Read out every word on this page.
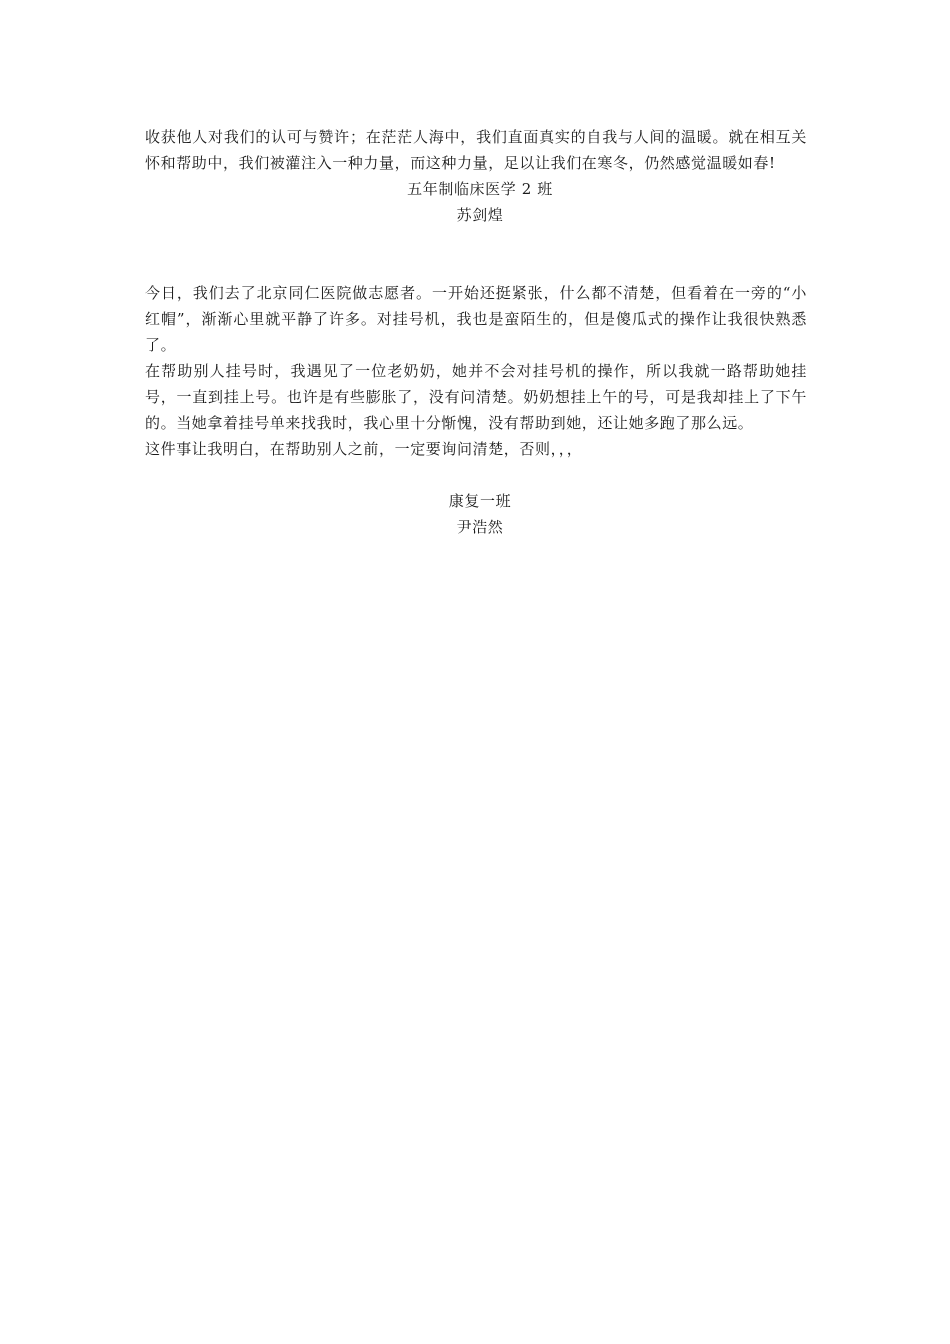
收获他人对我们的认可与赞许；在茫茫人海中，我们直面真实的自我与人间的温暖。就在相互关怀和帮助中，我们被灌注入一种力量，而这种力量，足以让我们在寒冬，仍然感觉温暖如春!

五年制临床医学 2 班

苏剑煌

今日，我们去了北京同仁医院做志愿者。一开始还挺紧张，什么都不清楚，但看着在一旁的“小红帽”，渐渐心里就平静了许多。对挂号机，我也是蛮陌生的，但是傻瓜式的操作让我很快熟悉了。

在帮助别人挂号时，我遇见了一位老奶奶，她并不会对挂号机的操作，所以我就一路帮助她挂号，一直到挂上号。也许是有些膨胀了，没有问清楚。奶奶想挂上午的号，可是我却挂上了下午的。当她拿着挂号单来找我时，我心里十分惭愧，没有帮助到她，还让她多跑了那么远。

这件事让我明白，在帮助别人之前，一定要询问清楚，否则，，，

康复一班

尹浩然
